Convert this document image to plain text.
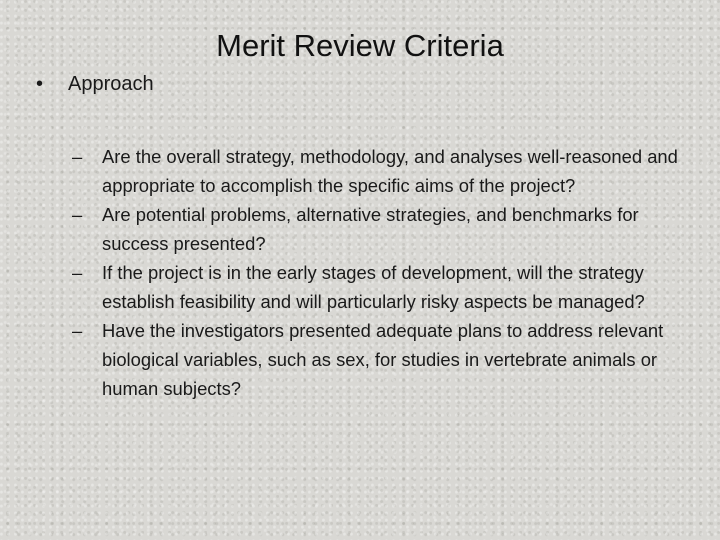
Merit Review Criteria
• Approach
– Are the overall strategy, methodology, and analyses well-reasoned and appropriate to accomplish the specific aims of the project?
– Are potential problems, alternative strategies, and benchmarks for success presented?
– If the project is in the early stages of development, will the strategy establish feasibility and will particularly risky aspects be managed?
– Have the investigators presented adequate plans to address relevant biological variables, such as sex, for studies in vertebrate animals or human subjects?
